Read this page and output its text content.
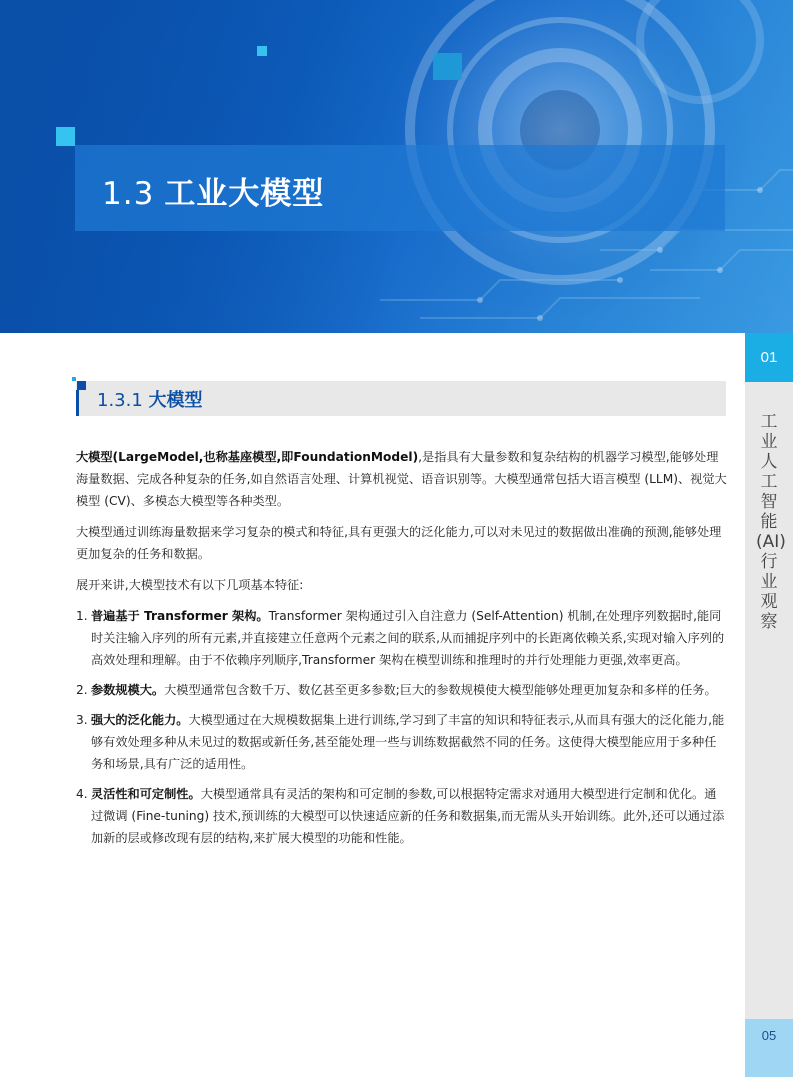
1.3 工业大模型
01
工业人工智能(AI)行业观察
05
1.3.1 大模型

大模型(LargeModel,也称基座模型,即FoundationModel),是指具有大量参数和复杂结构的机器学习模型,能够处理海量数据、完成各种复杂的任务,如自然语言处理、计算机视觉、语音识别等。大模型通常包括大语言模型 (LLM)、视觉大模型 (CV)、多模态大模型等各种类型。

大模型通过训练海量数据来学习复杂的模式和特征,具有更强大的泛化能力,可以对未见过的数据做出准确的预测,能够处理更加复杂的任务和数据。

展开来讲,大模型技术有以下几项基本特征:

1. 普遍基于 Transformer 架构。Transformer 架构通过引入自注意力 (Self-Attention) 机制,在处理序列数据时,能同时关注输入序列的所有元素,并直接建立任意两个元素之间的联系,从而捕捉序列中的长距离依赖关系,实现对输入序列的高效处理和理解。由于不依赖序列顺序,Transformer 架构在模型训练和推理时的并行处理能力更强,效率更高。
2. 参数规模大。大模型通常包含数千万、数亿甚至更多参数;巨大的参数规模使大模型能够处理更加复杂和多样的任务。
3. 强大的泛化能力。大模型通过在大规模数据集上进行训练,学习到了丰富的知识和特征表示,从而具有强大的泛化能力,能够有效处理多种从未见过的数据或新任务,甚至能处理一些与训练数据截然不同的任务。这使得大模型能应用于多种任务和场景,具有广泛的适用性。
4. 灵活性和可定制性。大模型通常具有灵活的架构和可定制的参数,可以根据特定需求对通用大模型进行定制和优化。通过微调 (Fine-tuning) 技术,预训练的大模型可以快速适应新的任务和数据集,而无需从头开始训练。此外,还可以通过添加新的层或修改现有层的结构,来扩展大模型的功能和性能。
